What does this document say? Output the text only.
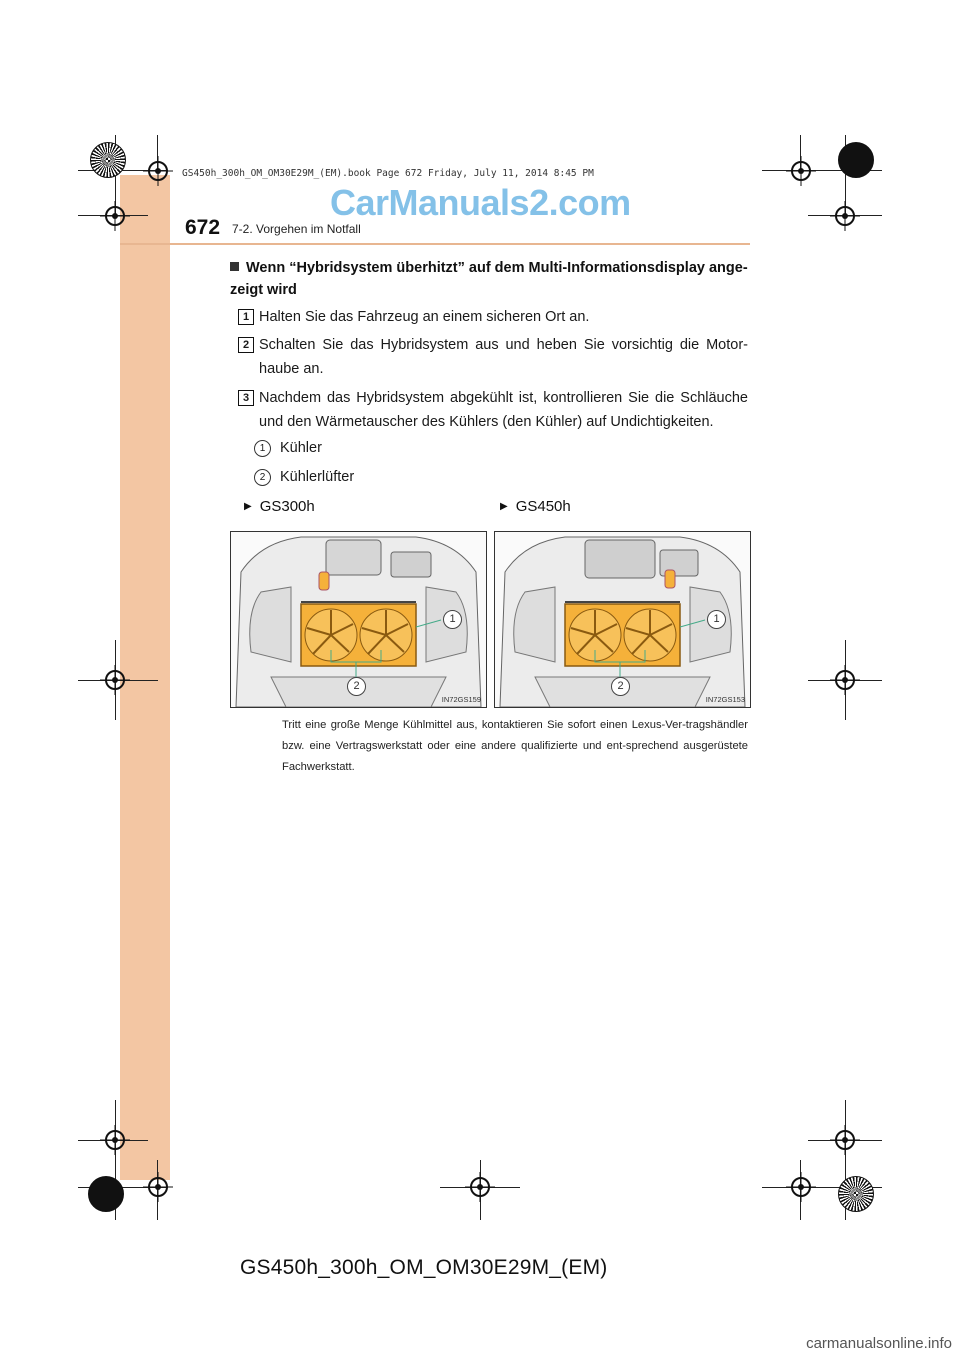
GS450h_300h_OM_OM30E29M_(EM).book Page 672 Friday, July 11, 2014 8:45 PM
CarManuals2.com
672 7-2. Vorgehen im Notfall
Wenn “Hybridsystem überhitzt” auf dem Multi-Informationsdisplay ange-zeigt wird
1 Halten Sie das Fahrzeug an einem sicheren Ort an.
2 Schalten Sie das Hybridsystem aus und heben Sie vorsichtig die Motor-haube an.
3 Nachdem das Hybridsystem abgekühlt ist, kontrollieren Sie die Schläuche und den Wärmetauscher des Kühlers (den Kühler) auf Undichtigkeiten.
1 Kühler
2 Kühlerlüfter
▶ GS300h	▶ GS450h
1
2
IN72GS159
1
2
IN72GS153
Tritt eine große Menge Kühlmittel aus, kontaktieren Sie sofort einen Lexus-Ver-tragshändler bzw. eine Vertragswerkstatt oder eine andere qualifizierte und ent-sprechend ausgerüstete Fachwerkstatt.
GS450h_300h_OM_OM30E29M_(EM)
carmanualsonline.info
